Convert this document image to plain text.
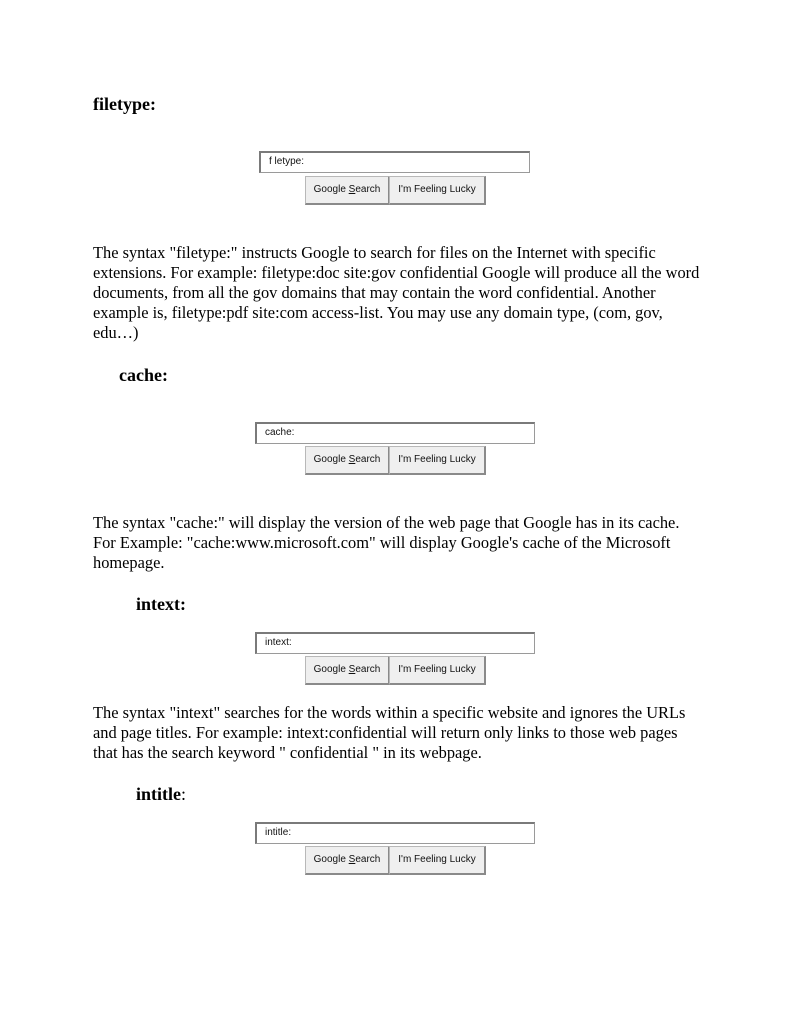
filetype:
f letype:
Google Search	I'm Feeling Lucky

The syntax "filetype:" instructs Google to search for files on the Internet with specific extensions. For example: filetype:doc site:gov confidential Google will produce all the word documents, from all the gov domains that may contain the word confidential. Another example is, filetype:pdf site:com access-list. You may use any domain type, (com, gov, edu…)

cache:
cache:
Google Search	I'm Feeling Lucky

The syntax "cache:" will display the version of the web page that Google has in its cache. For Example: "cache:www.microsoft.com" will display Google's cache of the Microsoft homepage.

intext:
intext:
Google Search	I'm Feeling Lucky

The syntax "intext" searches for the words within a specific website and ignores the URLs and page titles. For example: intext:confidential will return only links to those web pages that has the search keyword " confidential " in its webpage.

intitle:
intitle:
Google Search	I'm Feeling Lucky
